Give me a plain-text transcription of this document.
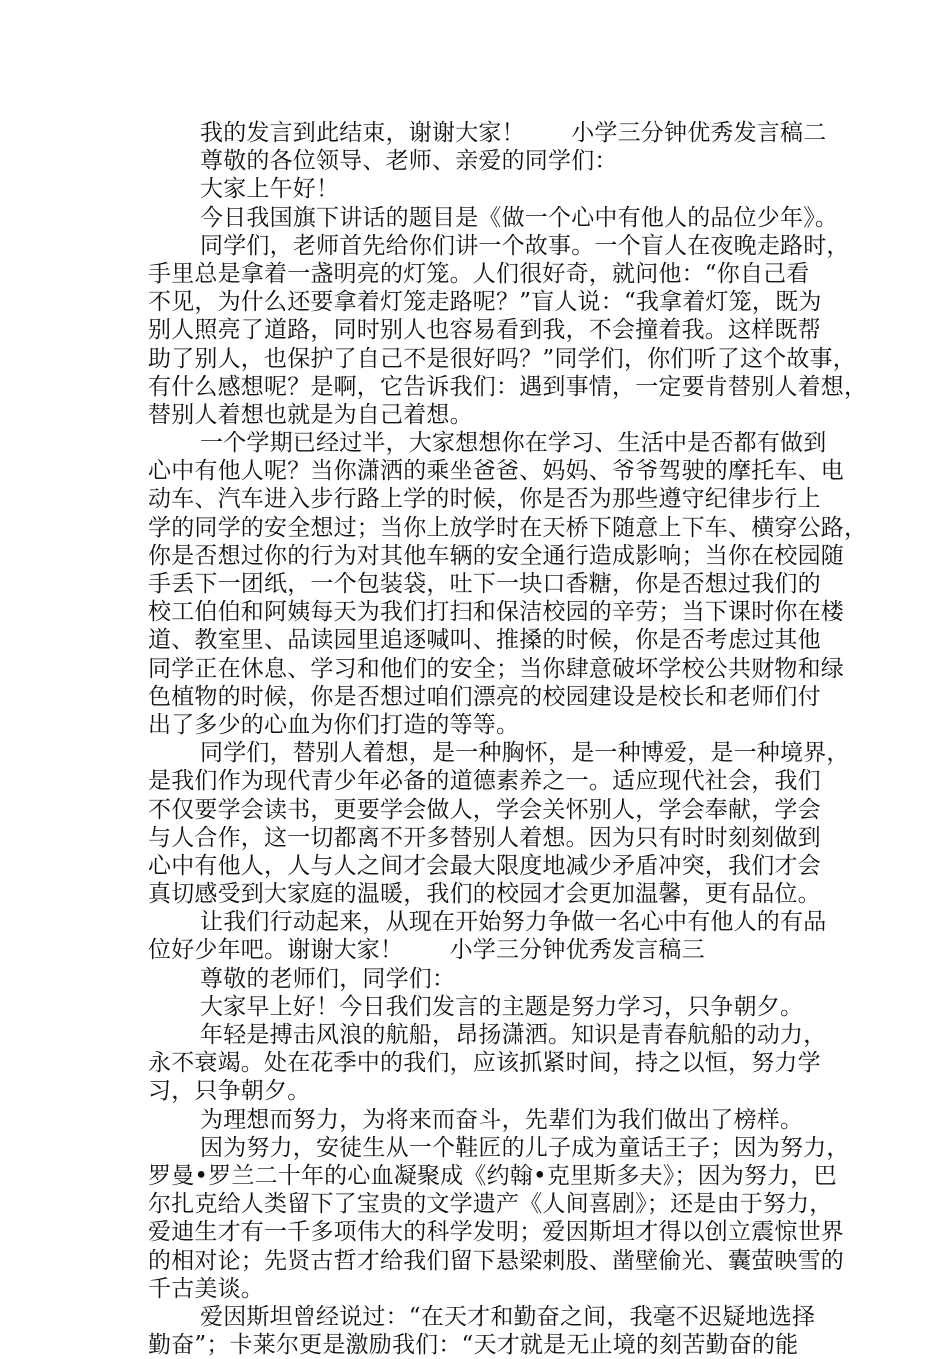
我的发言到此结束，谢谢大家！　　小学三分钟优秀发言稿二
尊敬的各位领导、老师、亲爱的同学们：
大家上午好！
今日我国旗下讲话的题目是《做一个心中有他人的品位少年》。
同学们，老师首先给你们讲一个故事。一个盲人在夜晚走路时，
手里总是拿着一盏明亮的灯笼。人们很好奇，就问他：“你自己看
不见，为什么还要拿着灯笼走路呢？”盲人说：“我拿着灯笼，既为
别人照亮了道路，同时别人也容易看到我，不会撞着我。这样既帮
助了别人，也保护了自己不是很好吗？”同学们，你们听了这个故事，
有什么感想呢？是啊，它告诉我们：遇到事情，一定要肯替别人着想，
替别人着想也就是为自己着想。
一个学期已经过半，大家想想你在学习、生活中是否都有做到
心中有他人呢？当你潇洒的乘坐爸爸、妈妈、爷爷驾驶的摩托车、电
动车、汽车进入步行路上学的时候，你是否为那些遵守纪律步行上
学的同学的安全想过；当你上放学时在天桥下随意上下车、横穿公路，
你是否想过你的行为对其他车辆的安全通行造成影响；当你在校园随
手丢下一团纸，一个包装袋，吐下一块口香糖，你是否想过我们的
校工伯伯和阿姨每天为我们打扫和保洁校园的辛劳；当下课时你在楼
道、教室里、品读园里追逐喊叫、推搡的时候，你是否考虑过其他
同学正在休息、学习和他们的安全；当你肆意破坏学校公共财物和绿
色植物的时候，你是否想过咱们漂亮的校园建设是校长和老师们付
出了多少的心血为你们打造的等等。
同学们，替别人着想，是一种胸怀，是一种博爱，是一种境界，
是我们作为现代青少年必备的道德素养之一。适应现代社会，我们
不仅要学会读书，更要学会做人，学会关怀别人，学会奉献，学会
与人合作，这一切都离不开多替别人着想。因为只有时时刻刻做到
心中有他人，人与人之间才会最大限度地减少矛盾冲突，我们才会
真切感受到大家庭的温暖，我们的校园才会更加温馨，更有品位。
让我们行动起来，从现在开始努力争做一名心中有他人的有品
位好少年吧。谢谢大家！　　小学三分钟优秀发言稿三
尊敬的老师们，同学们：
大家早上好！今日我们发言的主题是努力学习，只争朝夕。
年轻是搏击风浪的航船，昂扬潇洒。知识是青春航船的动力，
永不衰竭。处在花季中的我们，应该抓紧时间，持之以恒，努力学
习，只争朝夕。
为理想而努力，为将来而奋斗，先辈们为我们做出了榜样。
因为努力，安徒生从一个鞋匠的儿子成为童话王子；因为努力，
罗曼•罗兰二十年的心血凝聚成《约翰•克里斯多夫》；因为努力，巴
尔扎克给人类留下了宝贵的文学遗产《人间喜剧》；还是由于努力，
爱迪生才有一千多项伟大的科学发明；爱因斯坦才得以创立震惊世界
的相对论；先贤古哲才给我们留下悬梁刺股、凿壁偷光、囊萤映雪的
千古美谈。
爱因斯坦曾经说过：“在天才和勤奋之间，我毫不迟疑地选择
勤奋”；卡莱尔更是激励我们：“天才就是无止境的刻苦勤奋的能
